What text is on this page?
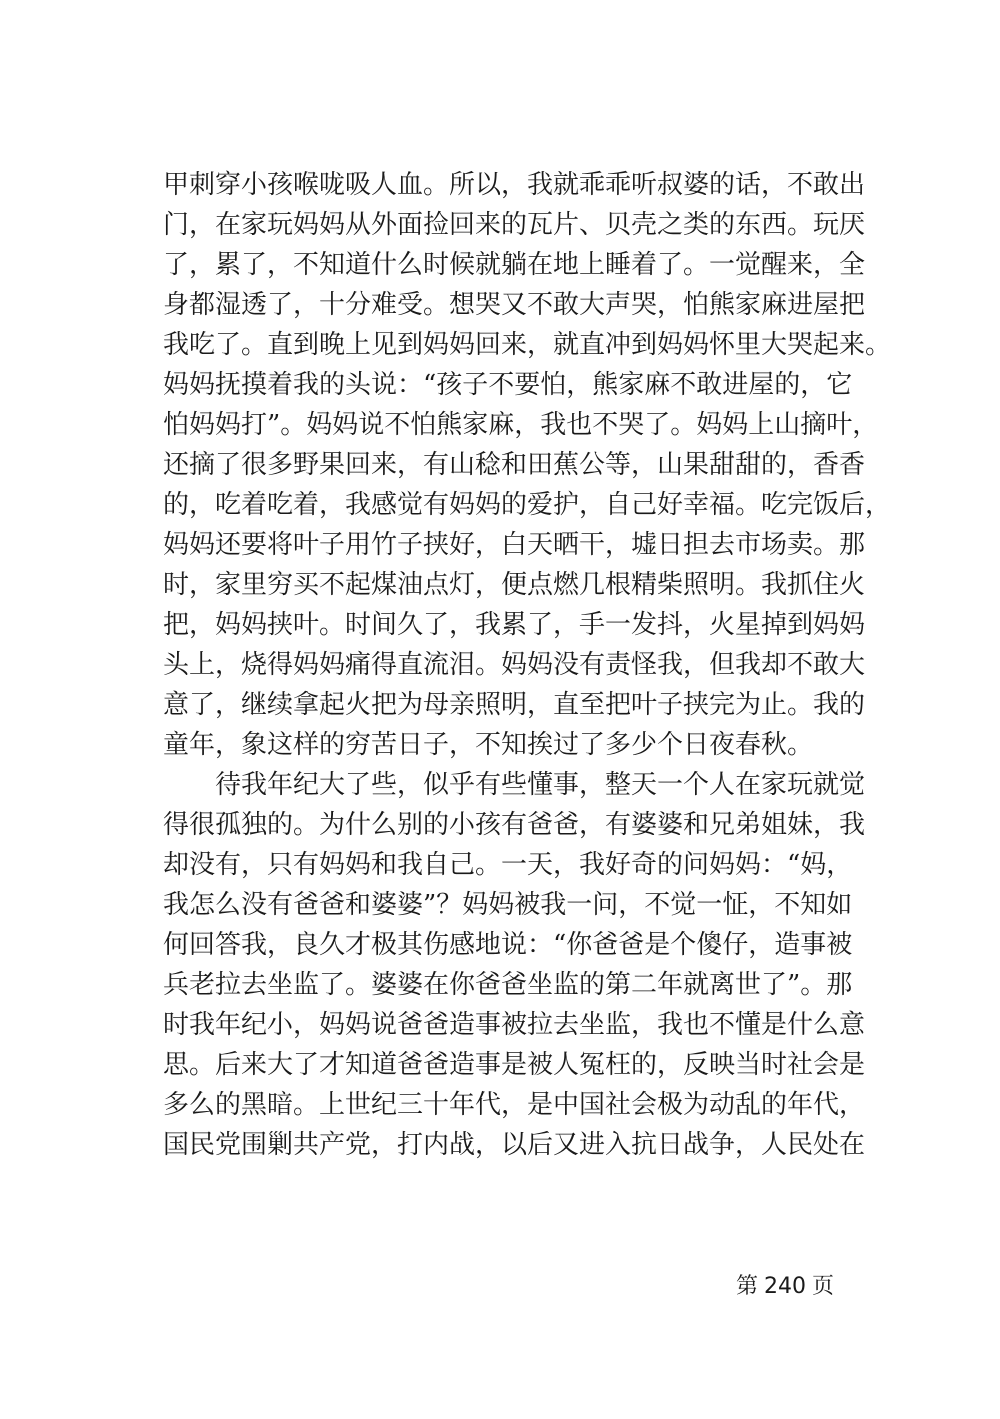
甲刺穿小孩喉咙吸人血。所以，我就乖乖听叔婆的话，不敢出
门，在家玩妈妈从外面捡回来的瓦片、贝壳之类的东西。玩厌
了，累了，不知道什么时候就躺在地上睡着了。一觉醒来，全
身都湿透了，十分难受。想哭又不敢大声哭，怕熊家麻进屋把
我吃了。直到晚上见到妈妈回来，就直冲到妈妈怀里大哭起来。
妈妈抚摸着我的头说：“孩子不要怕，熊家麻不敢进屋的，它
怕妈妈打”。妈妈说不怕熊家麻，我也不哭了。妈妈上山摘叶，
还摘了很多野果回来，有山稔和田蕉公等，山果甜甜的，香香
的，吃着吃着，我感觉有妈妈的爱护，自己好幸福。吃完饭后，
妈妈还要将叶子用竹子挟好，白天晒干，墟日担去市场卖。那
时，家里穷买不起煤油点灯，便点燃几根精柴照明。我抓住火
把，妈妈挟叶。时间久了，我累了，手一发抖，火星掉到妈妈
头上，烧得妈妈痛得直流泪。妈妈没有责怪我，但我却不敢大
意了，继续拿起火把为母亲照明，直至把叶子挟完为止。我的
童年，象这样的穷苦日子，不知挨过了多少个日夜春秋。
待我年纪大了些，似乎有些懂事，整天一个人在家玩就觉
得很孤独的。为什么别的小孩有爸爸，有婆婆和兄弟姐妹，我
却没有，只有妈妈和我自己。一天，我好奇的问妈妈：“妈，
我怎么没有爸爸和婆婆”？妈妈被我一问，不觉一怔，不知如
何回答我，良久才极其伤感地说：“你爸爸是个傻仔，造事被
兵老拉去坐监了。婆婆在你爸爸坐监的第二年就离世了”。那
时我年纪小，妈妈说爸爸造事被拉去坐监，我也不懂是什么意
思。后来大了才知道爸爸造事是被人冤枉的，反映当时社会是
多么的黑暗。上世纪三十年代，是中国社会极为动乱的年代，
国民党围剿共产党，打内战，以后又进入抗日战争，人民处在
第 240 页
